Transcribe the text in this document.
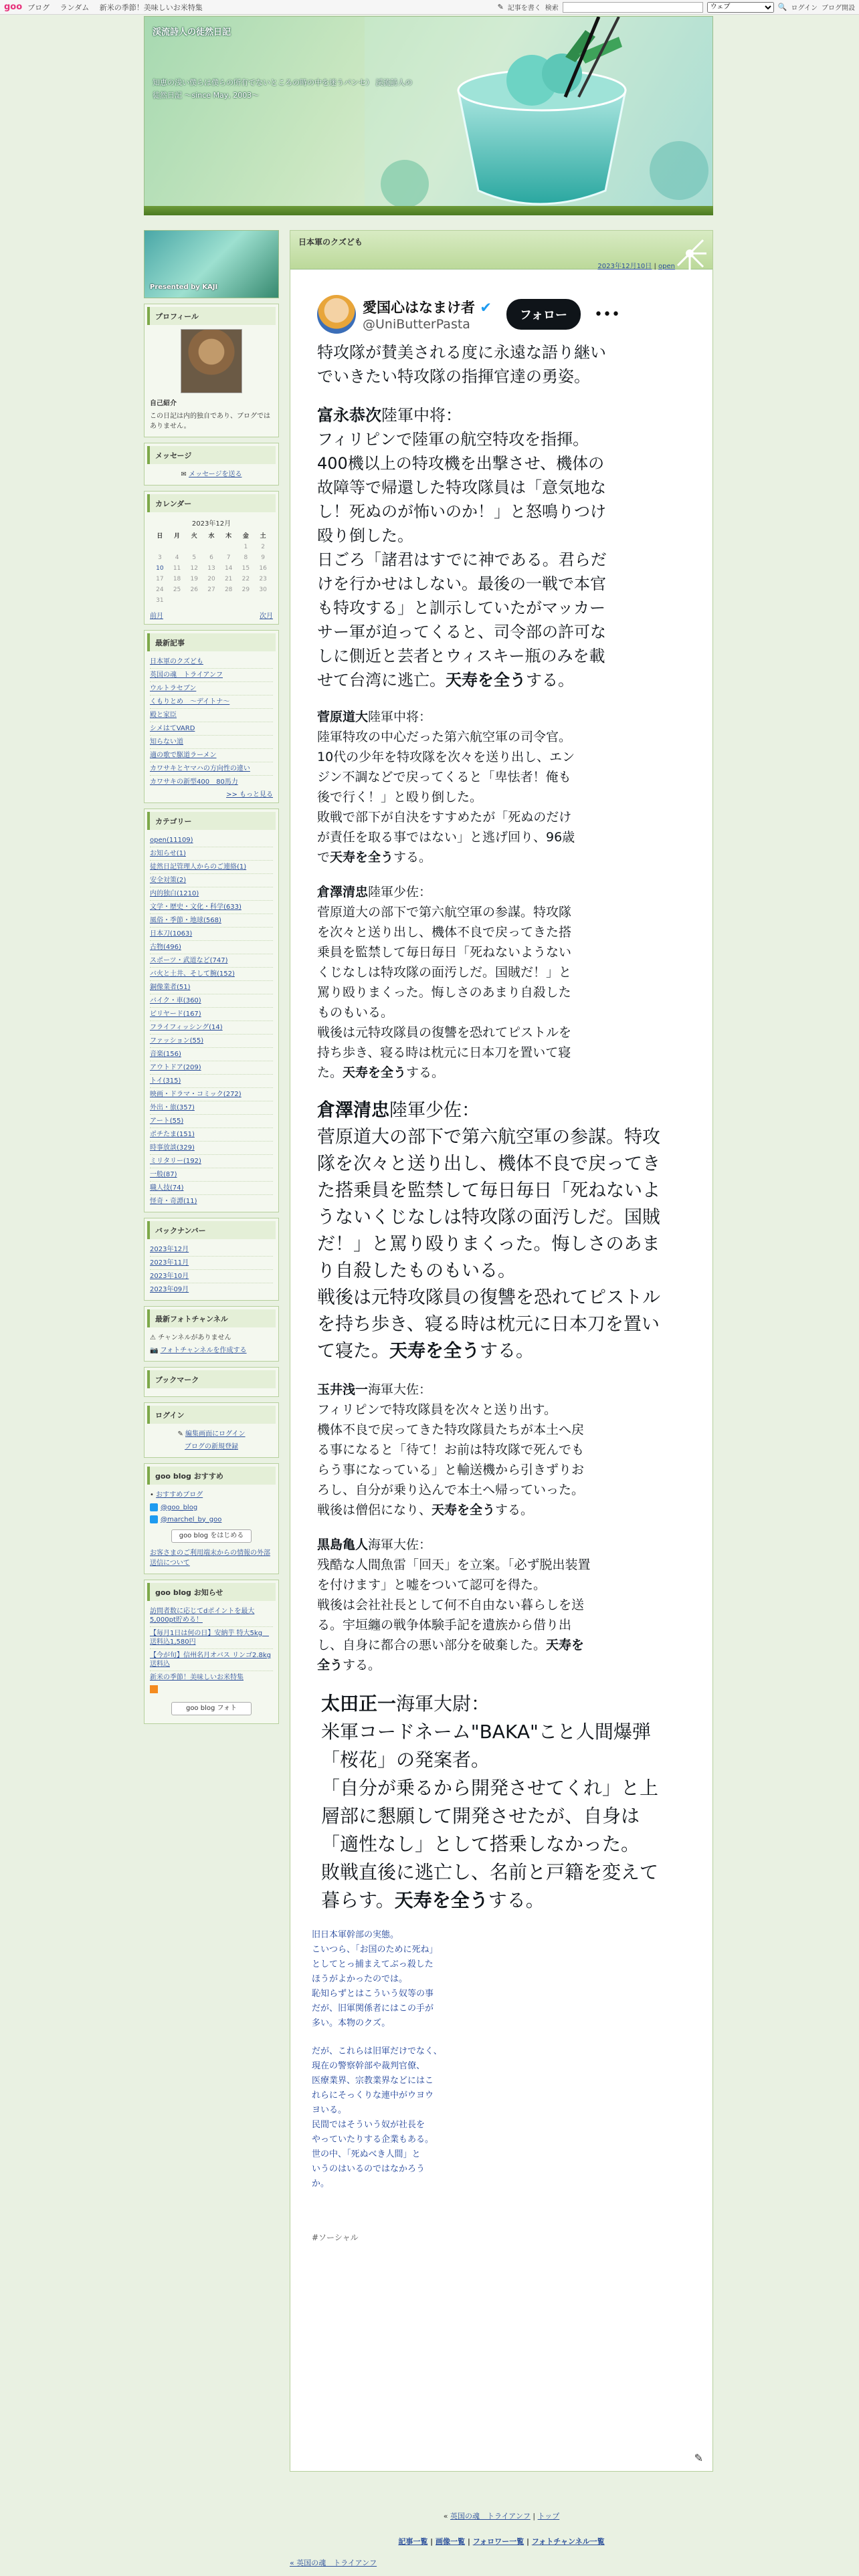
goo ブログ ランダム 新米の季節！美味しいお米特集	✎ 記事を書く 検索
ウェブ	🔍 ログイン ブログ開設
渓流詩人の徒然日記
知恵の浅い僕らは僕らの所有でないところの時の中を迷うパンセ） 渓流詩人の徒然日記 〜since May, 2003〜
Presented by KAJI
プロフィール

自己紹介

この日記は内的独自であり、ブログではありません。

メッセージ

✉ メッセージを送る

カレンダー
2023年12月
日	月	火	水	木	金	土
					1	2
3	4	5	6	7	8	9
10	11	12	13	14	15	16
17	18	19	20	21	22	23
24	25	26	27	28	29	30
31						
前月	次月
最新記事
日本軍のクズども
英国の魂　トライアンフ
ウルトラセブン
くもりとめ　〜デイトナ〜
殿と家臣
シメはてVARD
知らない道
適の歌で駆道ラーメン
カワサキとヤマハの方向性の違い
カワサキの新型400　80馬力
>> もっと見る
カテゴリー
open(11109)
お知らせ(1)
徒然日記管理人からのご連絡(1)
安全対策(2)
内的独白(1210)
文学・歴史・文化・科学(633)
風俗・季節・地球(568)
日本刀(1063)
古物(496)
スポーツ・武道など(747)
バ火と土井、そして腕(152)
銅像業者(51)
バイク・車(360)
ビリヤード(167)
フライフィッシング(14)
ファッション(55)
音楽(156)
アウトドア(209)
トイ(315)
映画・ドラマ・コミック(272)
外出・旅(357)
アート(55)
ポチたま(151)
時事放談(329)
ミリタリー(192)
一般(87)
職人技(74)
怪奇・奇譚(11)
バックナンバー
2023年12月
2023年11月
2023年10月
2023年09月
最新フォトチャンネル

⚠ チャンネルがありません

📷 フォトチャンネルを作成する

ブックマーク
ログイン

✎ 編集画面にログイン

ブログの新規登録

goo blog おすすめ

• おすすめブログ

@goo_blog
@marchel_by_goo
goo blog をはじめる

お客さまのご利用端末からの情報の外部送信について

goo blog お知らせ
訪問者数に応じてdポイントを最大5,000pt貯める！
【毎月1日は何の日】安納芋 特大5kg　送料込1,580円
【今が旬】信州名月オバス リンゴ2.8kg 送料込
新米の季節！美味しいお米特集

goo blog フォト
日本軍のクズども
2023年12月10日 | open
愛国心はなまけ者 ✔
@UniButterPasta
フォロー	•••
特攻隊が賛美される度に永遠な語り継いでいきたい特攻隊の指揮官達の勇姿。
富永恭次陸軍中将：
フィリピンで陸軍の航空特攻を指揮。400機以上の特攻機を出撃させ、機体の故障等で帰還した特攻隊員は「意気地なし！死ぬのが怖いのか！」と怒鳴りつけ殴り倒した。
日ごろ「諸君はすでに神である。君らだけを行かせはしない。最後の一戦で本官も特攻する」と訓示していたがマッカーサー軍が迫ってくると、司令部の許可なしに側近と芸者とウィスキー瓶のみを載せて台湾に逃亡。天寿を全うする。
菅原道大陸軍中将：
陸軍特攻の中心だった第六航空軍の司令官。10代の少年を特攻隊を次々を送り出し、エンジン不調などで戻ってくると「卑怯者！俺も後で行く！」と殴り倒した。
敗戦で部下が自決をすすめたが「死ぬのだけが責任を取る事ではない」と逃げ回り、96歳で天寿を全うする。
倉澤清忠陸軍少佐：
菅原道大の部下で第六航空軍の参謀。特攻隊を次々と送り出し、機体不良で戻ってきた搭乗員を監禁して毎日毎日「死ねないようないくじなしは特攻隊の面汚しだ。国賊だ！」と罵り殴りまくった。悔しさのあまり自殺したものもいる。
戦後は元特攻隊員の復讐を恐れてピストルを持ち歩き、寝る時は枕元に日本刀を置いて寝た。天寿を全うする。
倉澤清忠陸軍少佐：
菅原道大の部下で第六航空軍の参謀。特攻隊を次々と送り出し、機体不良で戻ってきた搭乗員を監禁して毎日毎日「死ねないようないくじなしは特攻隊の面汚しだ。国賊だ！」と罵り殴りまくった。悔しさのあまり自殺したものもいる。
戦後は元特攻隊員の復讐を恐れてピストルを持ち歩き、寝る時は枕元に日本刀を置いて寝た。天寿を全うする。
玉井浅一海軍大佐：
フィリピンで特攻隊員を次々と送り出す。
機体不良で戻ってきた特攻隊員たちが本土へ戻る事になると「待て！お前は特攻隊で死んでもらう事になっている」と輸送機から引きずりおろし、自分が乗り込んで本土へ帰っていった。
戦後は僧侶になり、天寿を全うする。
黒島亀人海軍大佐：
残酷な人間魚雷「回天」を立案。「必ず脱出装置を付けます」と嘘をついて認可を得た。
戦後は会社社長として何不自由ない暮らしを送る。宇垣纏の戦争体験手記を遺族から借り出し、自身に都合の悪い部分を破棄した。天寿を全うする。
太田正一海軍大尉：
米軍コードネーム"BAKA"こと人間爆弾「桜花」の発案者。
「自分が乗るから開発させてくれ」と上層部に懇願して開発させたが、自身は「適性なし」として搭乗しなかった。
敗戦直後に逃亡し、名前と戸籍を変えて暮らす。天寿を全うする。
旧日本軍幹部の実態。
こいつら、「お国のために死ね」
としてとっ捕まえてぶっ殺した
ほうがよかったのでは。
恥知らずとはこういう奴等の事
だが、旧軍関係者にはこの手が
多い。本物のクズ。
だが、これらは旧軍だけでなく、
現在の警察幹部や裁判官僚、
医療業界、宗教業界などにはこ
れらにそっくりな連中がウヨウ
ヨいる。
民間ではそういう奴が社長を
やっていたりする企業もある。
世の中、「死ぬべき人間」と
いうのはいるのではなかろう
か。
#ソーシャル
✎
« 英国の魂　トライアンフ | トップ
記事一覧 | 画像一覧 | フォロワー一覧 | フォトチャンネル一覧
« 英国の魂　トライアンフ
